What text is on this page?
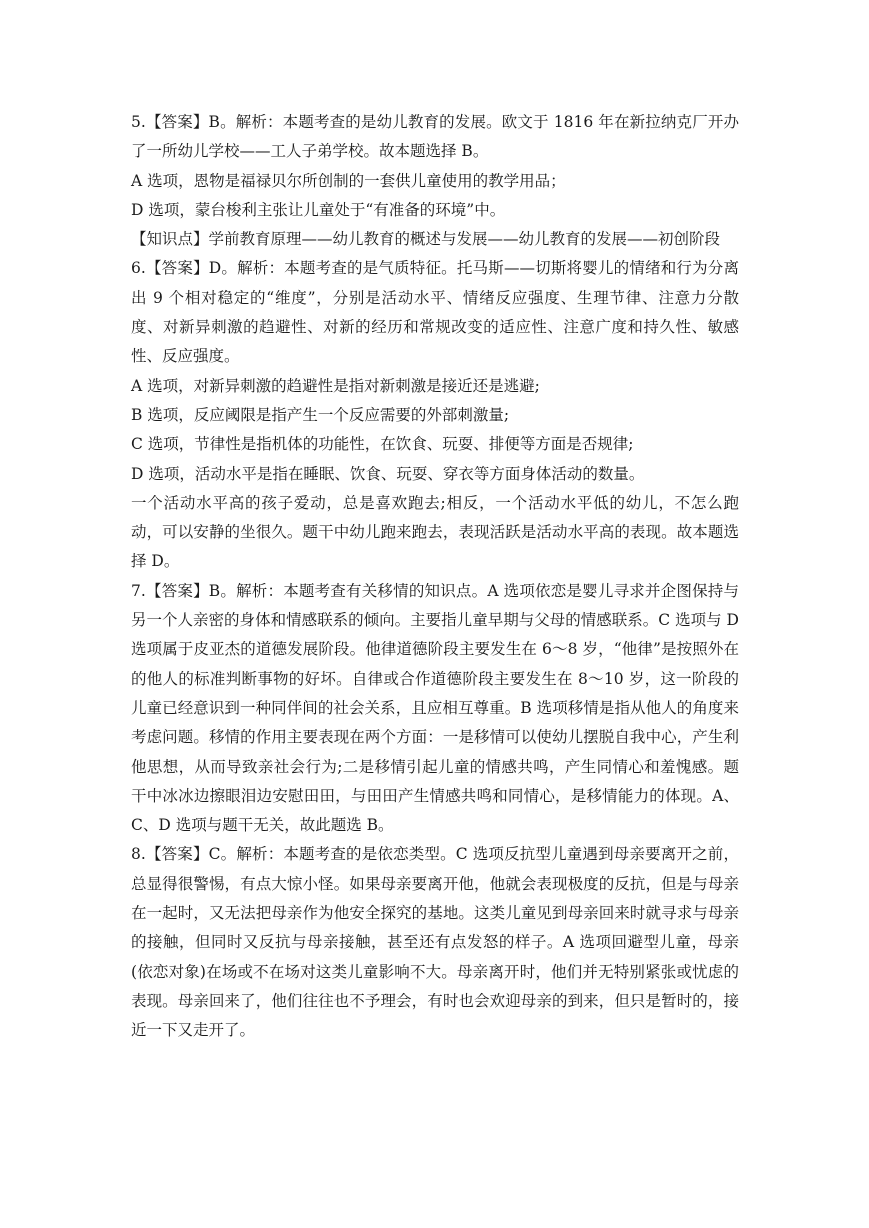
5.【答案】B。解析：本题考查的是幼儿教育的发展。欧文于 1816 年在新拉纳克厂开办了一所幼儿学校——工人子弟学校。故本题选择 B。

A 选项，恩物是福禄贝尔所创制的一套供儿童使用的教学用品；

D 选项，蒙台梭利主张让儿童处于“有准备的环境”中。

【知识点】学前教育原理——幼儿教育的概述与发展——幼儿教育的发展——初创阶段

6.【答案】D。解析：本题考查的是气质特征。托马斯——切斯将婴儿的情绪和行为分离出 9 个相对稳定的“维度”，分别是活动水平、情绪反应强度、生理节律、注意力分散度、对新异刺激的趋避性、对新的经历和常规改变的适应性、注意广度和持久性、敏感性、反应强度。

A 选项，对新异刺激的趋避性是指对新刺激是接近还是逃避;

B 选项，反应阈限是指产生一个反应需要的外部刺激量;

C 选项，节律性是指机体的功能性，在饮食、玩耍、排便等方面是否规律;

D 选项，活动水平是指在睡眠、饮食、玩耍、穿衣等方面身体活动的数量。

一个活动水平高的孩子爱动，总是喜欢跑去;相反，一个活动水平低的幼儿，不怎么跑动，可以安静的坐很久。题干中幼儿跑来跑去，表现活跃是活动水平高的表现。故本题选择 D。

7.【答案】B。解析：本题考查有关移情的知识点。A 选项依恋是婴儿寻求并企图保持与另一个人亲密的身体和情感联系的倾向。主要指儿童早期与父母的情感联系。C 选项与 D 选项属于皮亚杰的道德发展阶段。他律道德阶段主要发生在 6～8 岁，“他律”是按照外在的他人的标准判断事物的好坏。自律或合作道德阶段主要发生在 8～10 岁，这一阶段的儿童已经意识到一种同伴间的社会关系，且应相互尊重。B 选项移情是指从他人的角度来考虑问题。移情的作用主要表现在两个方面：一是移情可以使幼儿摆脱自我中心，产生利他思想，从而导致亲社会行为;二是移情引起儿童的情感共鸣，产生同情心和羞愧感。题干中冰冰边擦眼泪边安慰田田，与田田产生情感共鸣和同情心，是移情能力的体现。A、C、D 选项与题干无关，故此题选 B。

8.【答案】C。解析：本题考查的是依恋类型。C 选项反抗型儿童遇到母亲要离开之前，总显得很警惕，有点大惊小怪。如果母亲要离开他，他就会表现极度的反抗，但是与母亲在一起时，又无法把母亲作为他安全探究的基地。这类儿童见到母亲回来时就寻求与母亲的接触，但同时又反抗与母亲接触，甚至还有点发怒的样子。A 选项回避型儿童，母亲(依恋对象)在场或不在场对这类儿童影响不大。母亲离开时，他们并无特别紧张或忧虑的表现。母亲回来了，他们往往也不予理会，有时也会欢迎母亲的到来，但只是暂时的，接近一下又走开了。
